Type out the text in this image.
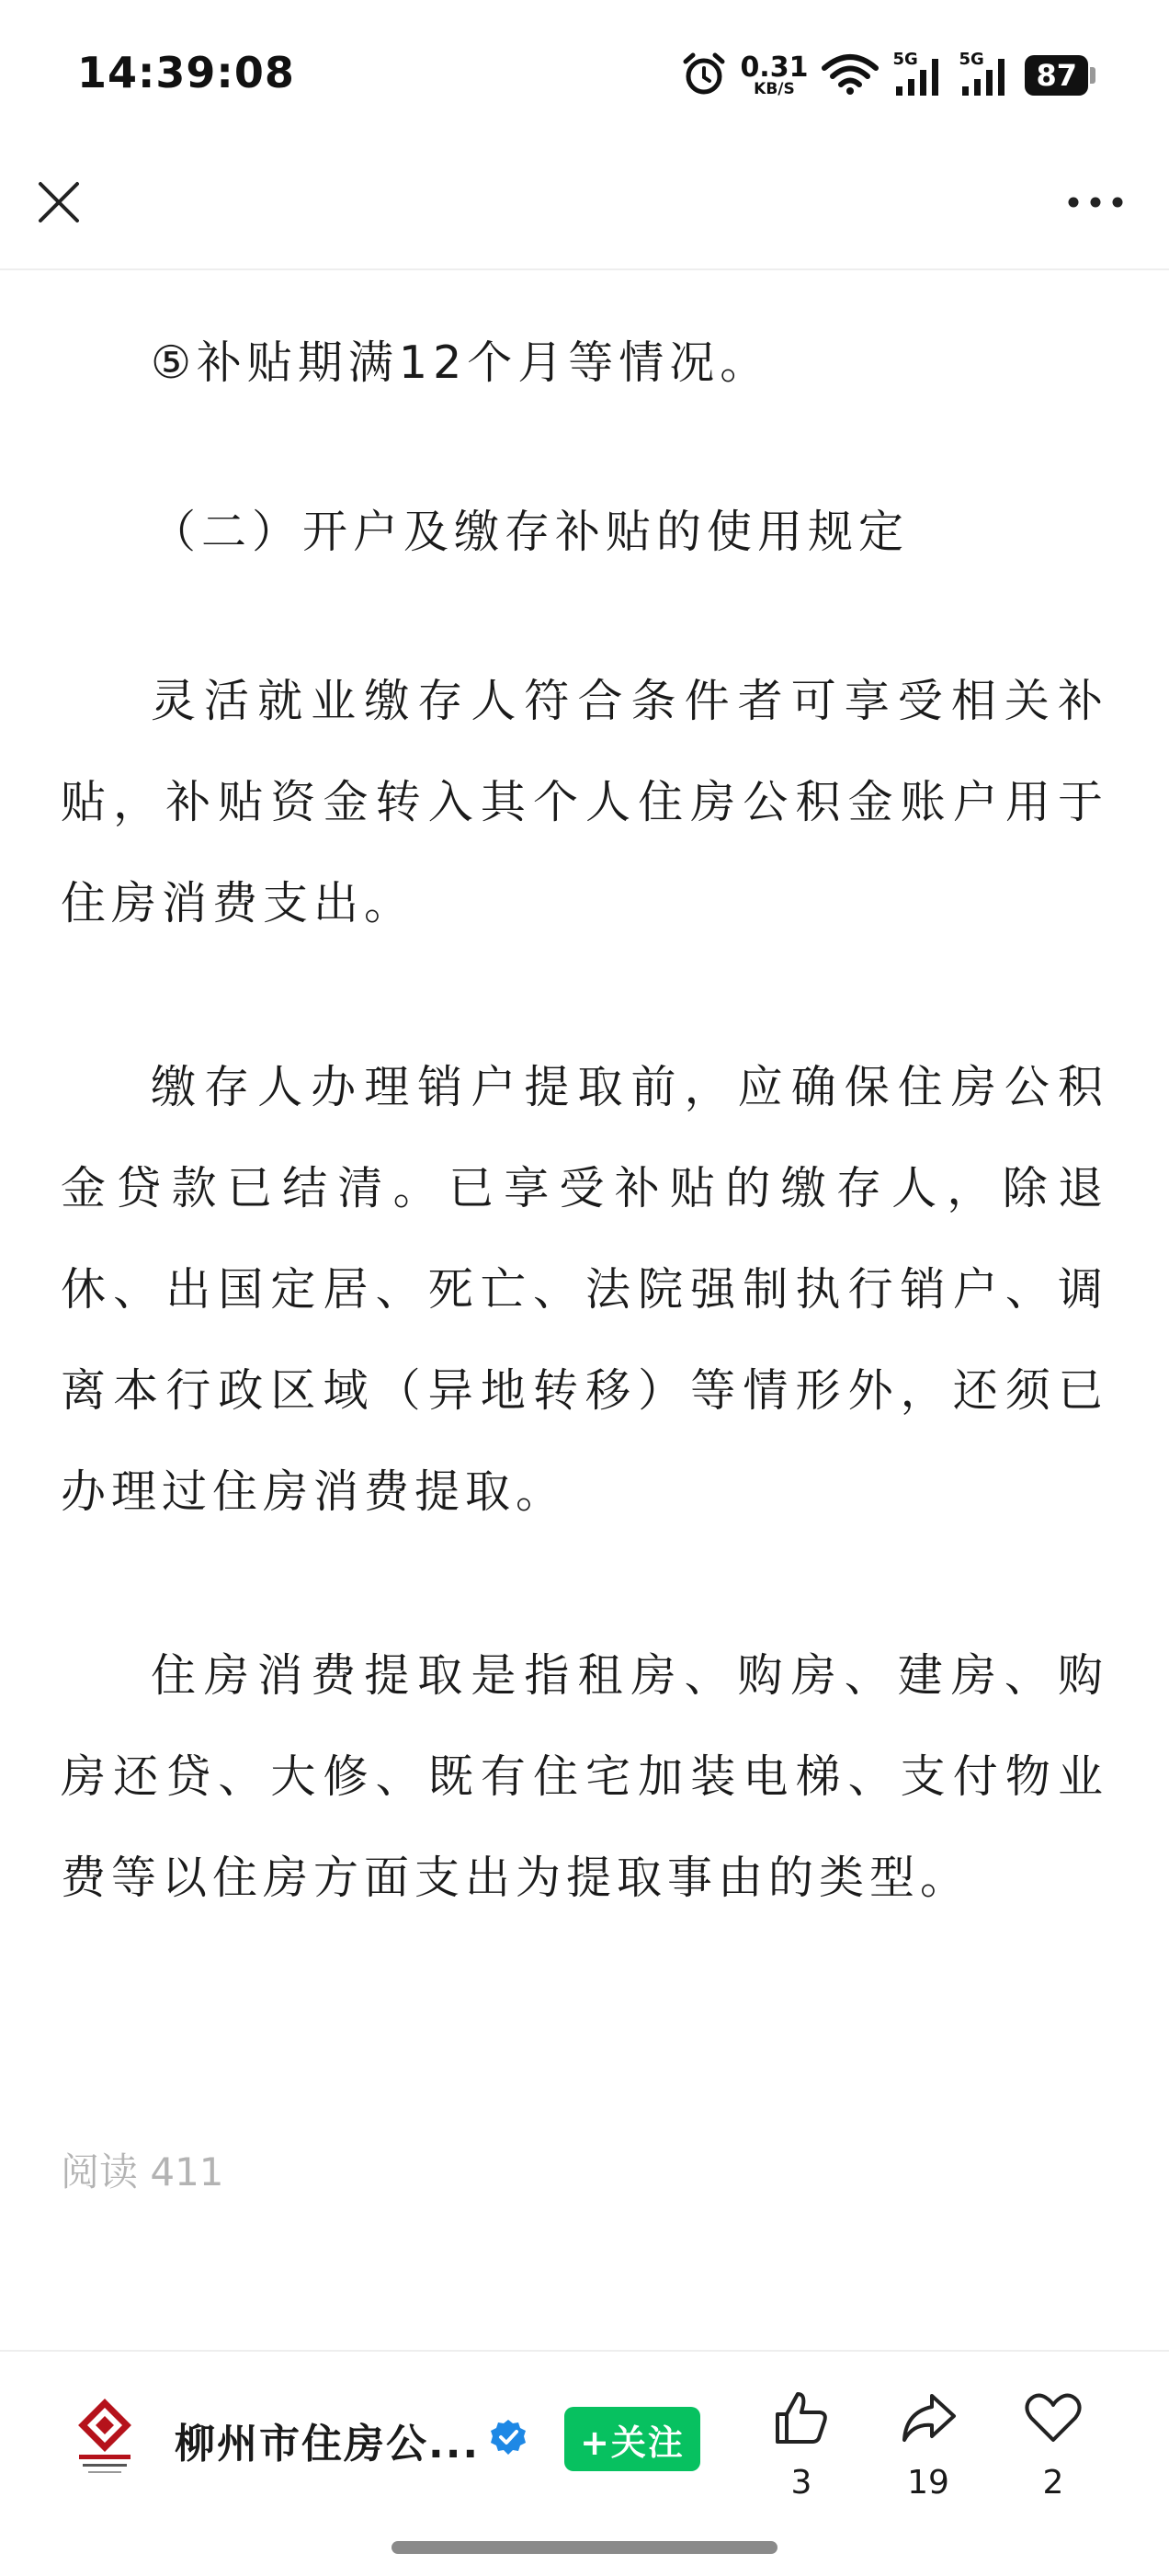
14:39:08	0.31
KB/S
5G 5G	87

⑤补贴期满12个月等情况。

（二）开户及缴存补贴的使用规定

灵活就业缴存人符合条件者可享受相关补贴，补贴资金转入其个人住房公积金账户用于住房消费支出。

缴存人办理销户提取前，应确保住房公积金贷款已结清。已享受补贴的缴存人，除退休、出国定居、死亡、法院强制执行销户、调离本行政区域（异地转移）等情形外，还须已办理过住房消费提取。

住房消费提取是指租房、购房、建房、购房还贷、大修、既有住宅加装电梯、支付物业费等以住房方面支出为提取事由的类型。

阅读 411
柳州市住房公...	+关注
3	19	2
